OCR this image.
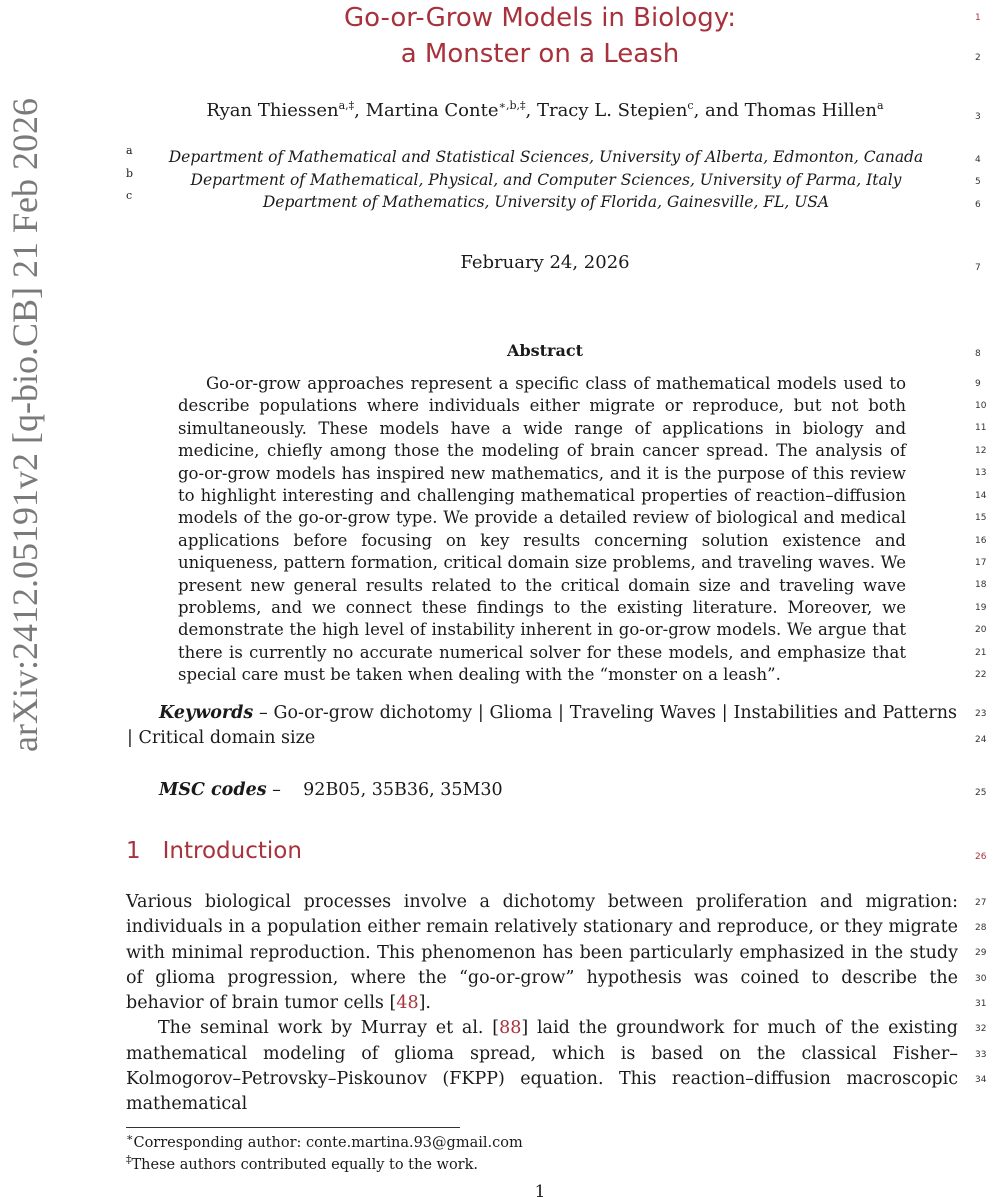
arXiv:2412.05191v2 [q-bio.CB] 21 Feb 2026
Go-or-Grow Models in Biology:
a Monster on a Leash
Ryan Thiessen$^{a,\ddagger}$, Martina Conte$^{∗,b,\ddagger}$, Tracy L. Stepien$^c$, and Thomas Hillen$^a$
a	Department of Mathematical and Statistical Sciences, University of Alberta, Edmonton, Canada
b	Department of Mathematical, Physical, and Computer Sciences, University of Parma, Italy
c	Department of Mathematics, University of Florida, Gainesville, FL, USA
February 24, 2026
Abstract
Go-or-grow approaches represent a specific class of mathematical models used to describe populations where individuals either migrate or reproduce, but not both simultaneously. These models have a wide range of applications in biology and medicine, chiefly among those the modeling of brain cancer spread. The analysis of go-or-grow models has inspired new mathematics, and it is the purpose of this review to highlight interesting and challenging mathematical properties of reaction–diffusion models of the go-or-grow type. We provide a detailed review of biological and medical applications before focusing on key results concerning solution existence and uniqueness, pattern formation, critical domain size problems, and traveling waves. We present new general results related to the critical domain size and traveling wave problems, and we connect these findings to the existing literature. Moreover, we demonstrate the high level of instability inherent in go-or-grow models. We argue that there is currently no accurate numerical solver for these models, and emphasize that special care must be taken when dealing with the “monster on a leash”.
Keywords – Go-or-grow dichotomy | Glioma | Traveling Waves | Instabilities and Patterns | Critical domain size
MSC codes –    92B05, 35B36, 35M30
1 Introduction

Various biological processes involve a dichotomy between proliferation and migration: individuals in a population either remain relatively stationary and reproduce, or they migrate with minimal reproduction. This phenomenon has been particularly emphasized in the study of glioma progression, where the “go-or-grow” hypothesis was coined to describe the behavior of brain tumor cells [48].

The seminal work by Murray et al. [88] laid the groundwork for much of the existing mathematical modeling of glioma spread, which is based on the classical Fisher–Kolmogorov–Petrovsky–Piskounov (FKPP) equation. This reaction–diffusion macroscopic mathematical

∗Corresponding author: conte.martina.93@gmail.com
‡These authors contributed equally to the work.
1
1
2
3
4
5
6
7
8
9
10
11
12
13
14
15
16
17
18
19
20
21
22
23
24
25
26
27
28
29
30
31
32
33
34
